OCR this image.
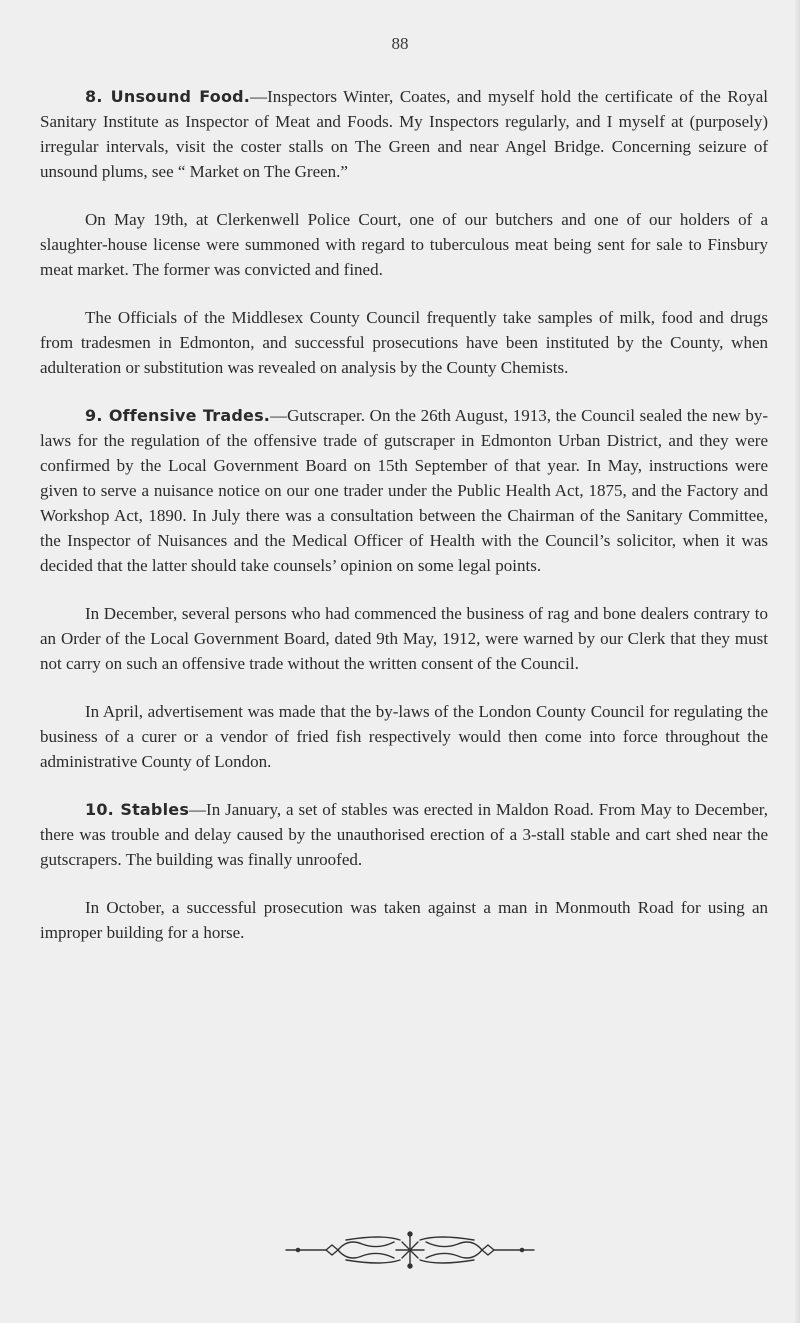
88

8. Unsound Food.—Inspectors Winter, Coates, and myself hold the certificate of the Royal Sanitary Institute as Inspector of Meat and Foods. My Inspectors regularly, and I myself at (purposely) irregular intervals, visit the coster stalls on The Green and near Angel Bridge. Concerning seizure of unsound plums, see “ Market on The Green.”

On May 19th, at Clerkenwell Police Court, one of our butchers and one of our holders of a slaughter-house license were summoned with regard to tuberculous meat being sent for sale to Finsbury meat market. The former was convicted and fined.

The Officials of the Middlesex County Council frequently take samples of milk, food and drugs from tradesmen in Edmonton, and successful prosecutions have been instituted by the County, when adulteration or substitution was revealed on analysis by the County Chemists.

9. Offensive Trades.—Gutscraper. On the 26th August, 1913, the Council sealed the new by-laws for the regulation of the offensive trade of gutscraper in Edmonton Urban District, and they were confirmed by the Local Government Board on 15th September of that year. In May, instructions were given to serve a nuisance notice on our one trader under the Public Health Act, 1875, and the Factory and Workshop Act, 1890. In July there was a consultation between the Chairman of the Sanitary Committee, the Inspector of Nuisances and the Medical Officer of Health with the Council’s solicitor, when it was decided that the latter should take counsels’ opinion on some legal points.

In December, several persons who had commenced the business of rag and bone dealers contrary to an Order of the Local Government Board, dated 9th May, 1912, were warned by our Clerk that they must not carry on such an offensive trade without the written consent of the Council.

In April, advertisement was made that the by-laws of the London County Council for regulating the business of a curer or a vendor of fried fish respectively would then come into force throughout the administrative County of London.

10. Stables—In January, a set of stables was erected in Maldon Road. From May to December, there was trouble and delay caused by the unauthorised erection of a 3-stall stable and cart shed near the gutscrapers. The building was finally unroofed.

In October, a successful prosecution was taken against a man in Monmouth Road for using an improper building for a horse.
